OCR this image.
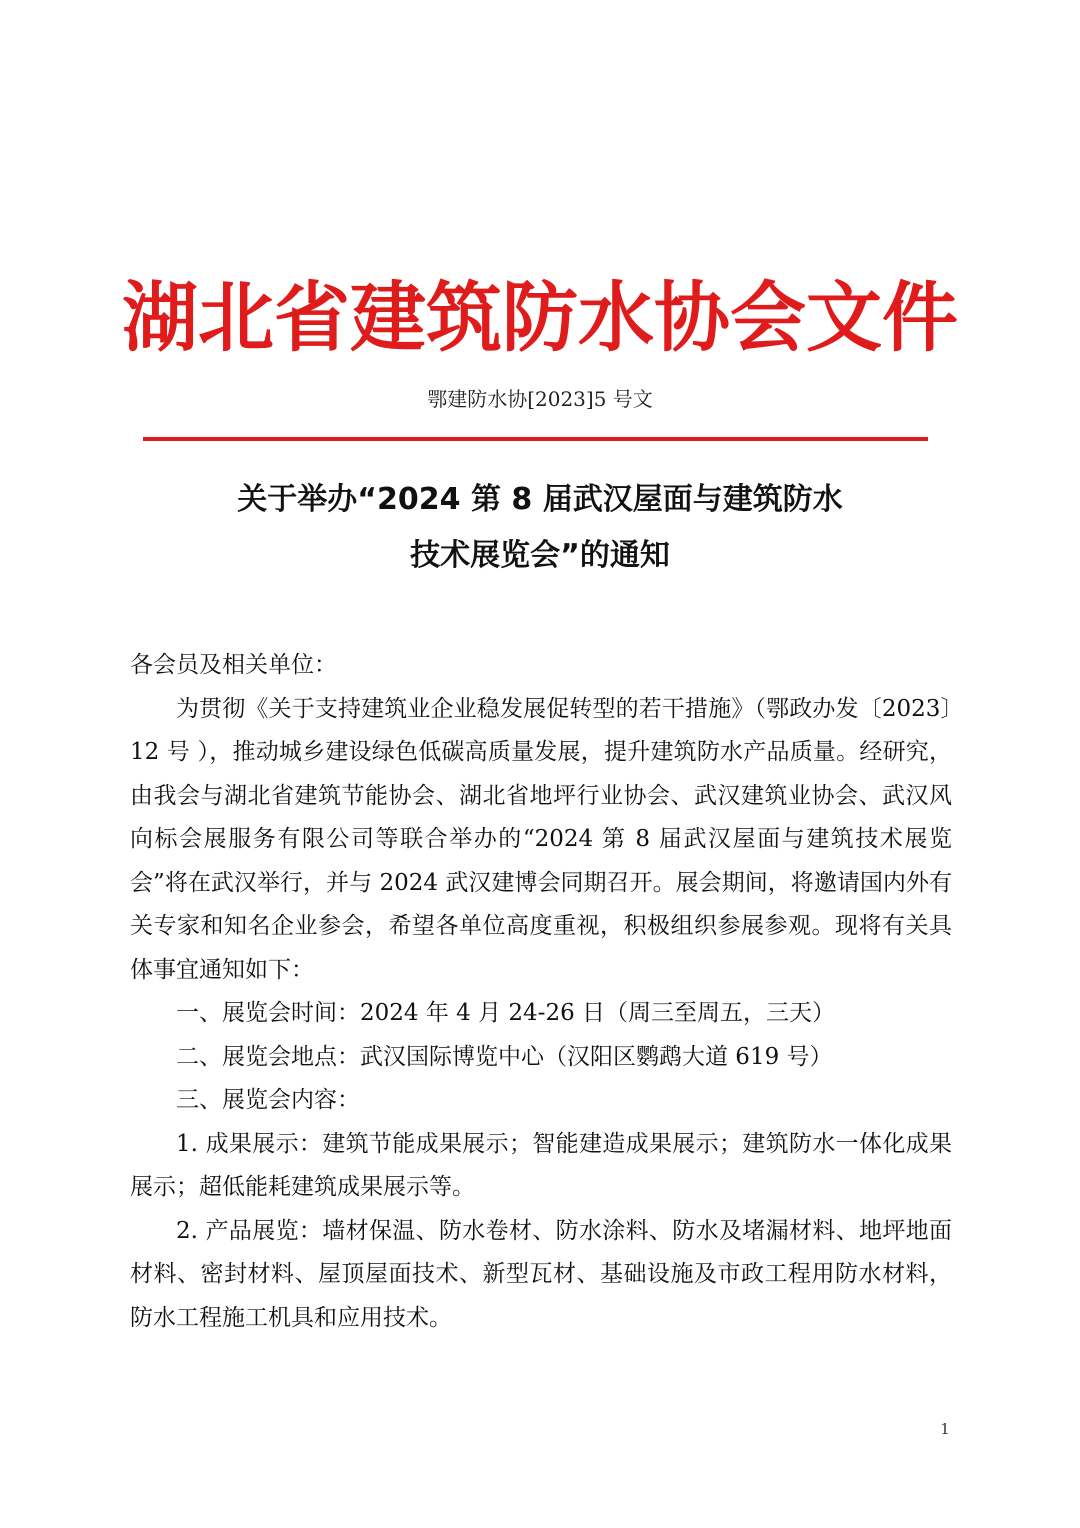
湖北省建筑防水协会文件
鄂建防水协[2023]5 号文
关于举办“2024 第 8 届武汉屋面与建筑防水
技术展览会”的通知

各会员及相关单位：

为贯彻《关于支持建筑业企业稳发展促转型的若干措施》（鄂政办发〔2023〕12 号 ），推动城乡建设绿色低碳高质量发展，提升建筑防水产品质量。经研究，由我会与湖北省建筑节能协会、湖北省地坪行业协会、武汉建筑业协会、武汉风向标会展服务有限公司等联合举办的“2024 第 8 届武汉屋面与建筑技术展览会”将在武汉举行，并与 2024 武汉建博会同期召开。展会期间，将邀请国内外有关专家和知名企业参会，希望各单位高度重视，积极组织参展参观。现将有关具体事宜通知如下：

一、展览会时间：2024 年 4 月 24-26 日（周三至周五，三天）

二、展览会地点：武汉国际博览中心（汉阳区鹦鹉大道 619 号）

三、展览会内容：

1. 成果展示：建筑节能成果展示；智能建造成果展示；建筑防水一体化成果展示；超低能耗建筑成果展示等。

2. 产品展览：墙材保温、防水卷材、防水涂料、防水及堵漏材料、地坪地面材料、密封材料、屋顶屋面技术、新型瓦材、基础设施及市政工程用防水材料，防水工程施工机具和应用技术。

1
